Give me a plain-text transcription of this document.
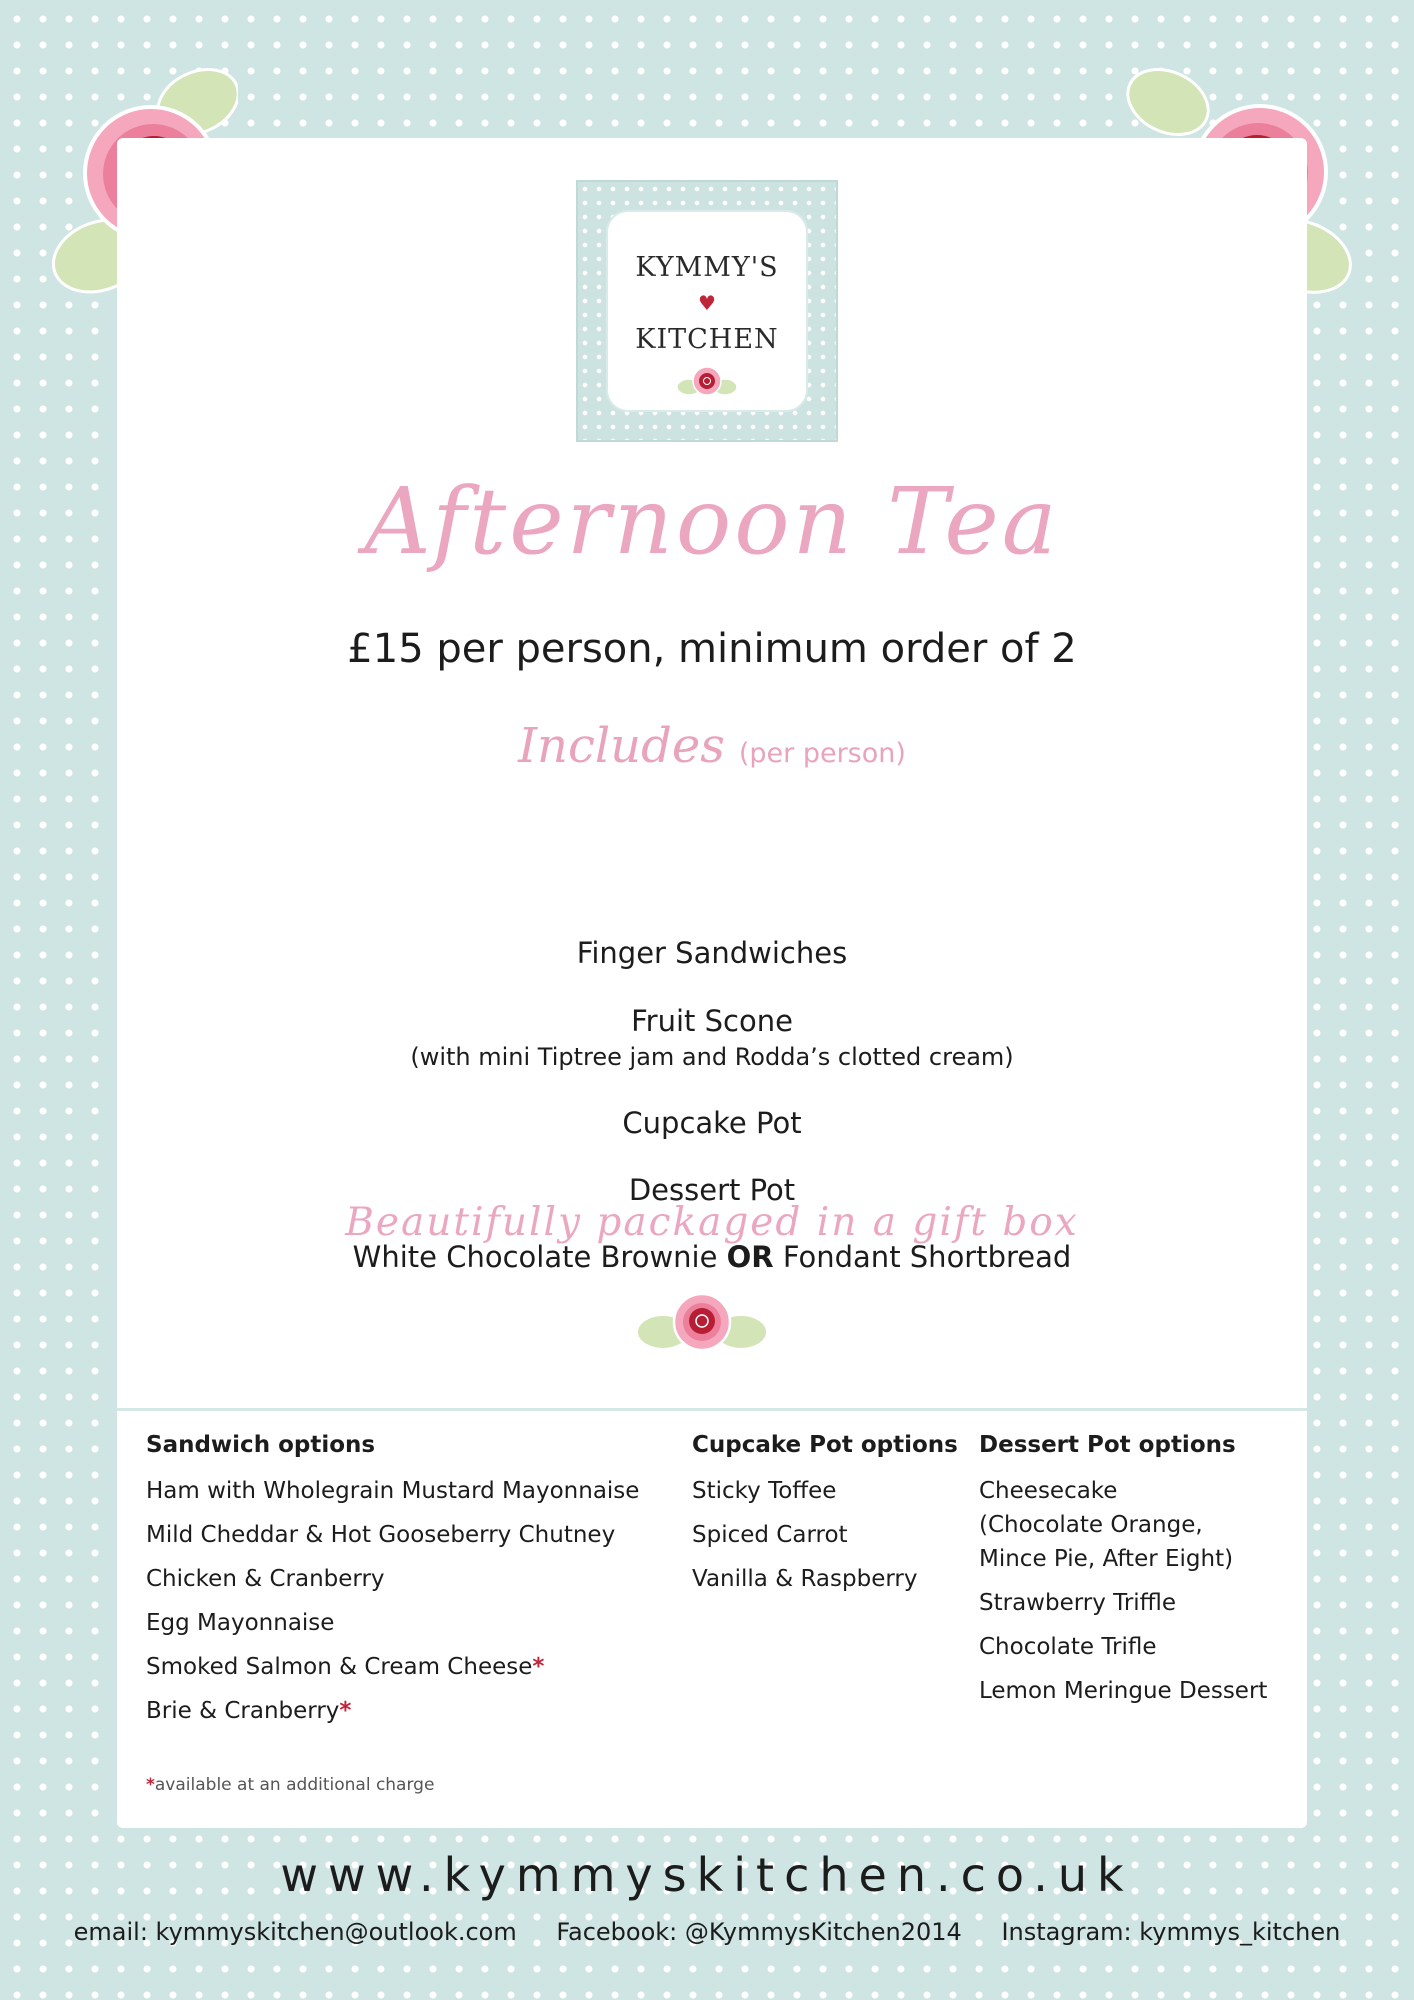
KYMMY'S
♥
KITCHEN
Afternoon Tea
£15 per person, minimum order of 2
Includes (per person)
Finger Sandwiches
Fruit Scone
(with mini Tiptree jam and Rodda’s clotted cream)
Cupcake Pot
Dessert Pot
White Chocolate Brownie OR Fondant Shortbread
Beautifully packaged in a gift box
Sandwich options
Ham with Wholegrain Mustard Mayonnaise
Mild Cheddar & Hot Gooseberry Chutney
Chicken & Cranberry
Egg Mayonnaise
Smoked Salmon & Cream Cheese*
Brie & Cranberry*
Cupcake Pot options
Sticky Toffee
Spiced Carrot
Vanilla & Raspberry
Dessert Pot options
Cheesecake
(Chocolate Orange,
Mince Pie, After Eight)
Strawberry Triffle
Chocolate Trifle
Lemon Meringue Dessert
*available at an additional charge
www.kymmyskitchen.co.uk
email: kymmyskitchen@outlook.com Facebook: @KymmysKitchen2014 Instagram: kymmys_kitchen
